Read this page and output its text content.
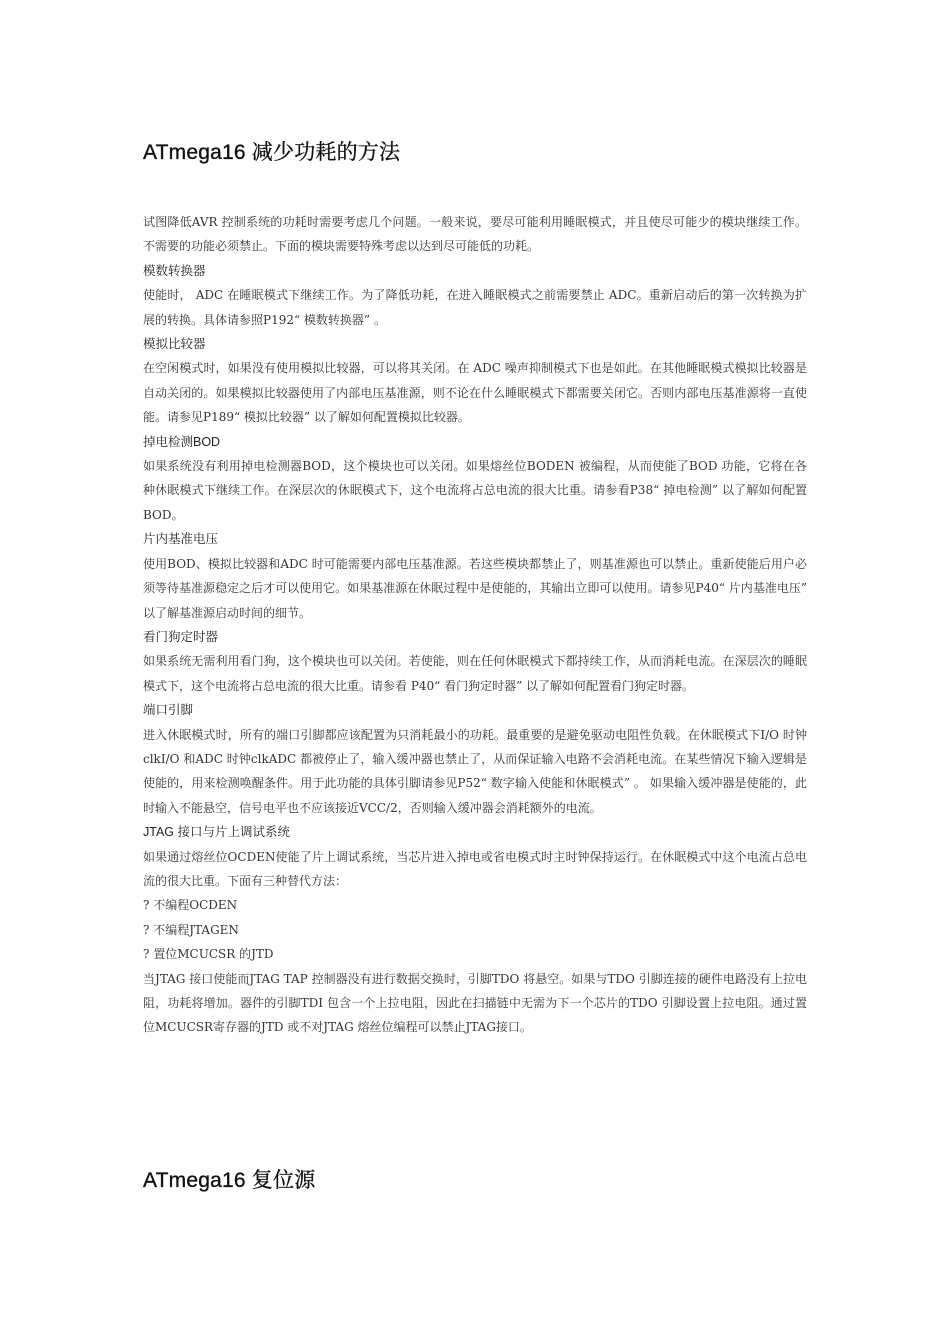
ATmega16 减少功耗的方法

试图降低AVR 控制系统的功耗时需要考虑几个问题。一般来说，要尽可能利用睡眠模式，并且使尽可能少的模块继续工作。不需要的功能必须禁止。下面的模块需要特殊考虑以达到尽可能低的功耗。

模数转换器

使能时， ADC 在睡眠模式下继续工作。为了降低功耗，在进入睡眠模式之前需要禁止 ADC。重新启动后的第一次转换为扩展的转换。具体请参照P192“ 模数转换器” 。

模拟比较器

在空闲模式时，如果没有使用模拟比较器，可以将其关闭。在 ADC 噪声抑制模式下也是如此。在其他睡眠模式模拟比较器是自动关闭的。如果模拟比较器使用了内部电压基准源，则不论在什么睡眠模式下都需要关闭它。否则内部电压基准源将一直使能。请参见P189“ 模拟比较器” 以了解如何配置模拟比较器。

掉电检测BOD

如果系统没有利用掉电检测器BOD，这个模块也可以关闭。如果熔丝位BODEN 被编程，从而使能了BOD 功能，它将在各种休眠模式下继续工作。在深层次的休眠模式下，这个电流将占总电流的很大比重。请参看P38“ 掉电检测” 以了解如何配置BOD。

片内基准电压

使用BOD、模拟比较器和ADC 时可能需要内部电压基准源。若这些模块都禁止了，则基准源也可以禁止。重新使能后用户必须等待基准源稳定之后才可以使用它。如果基准源在休眠过程中是使能的，其输出立即可以使用。请参见P40“ 片内基准电压” 以了解基准源启动时间的细节。

看门狗定时器

如果系统无需利用看门狗，这个模块也可以关闭。若使能，则在任何休眠模式下都持续工作，从而消耗电流。在深层次的睡眠模式下，这个电流将占总电流的很大比重。请参看 P40“ 看门狗定时器” 以了解如何配置看门狗定时器。

端口引脚

进入休眠模式时，所有的端口引脚都应该配置为只消耗最小的功耗。最重要的是避免驱动电阻性负载。在休眠模式下I/O 时钟clkI/O 和ADC 时钟clkADC 都被停止了，输入缓冲器也禁止了，从而保证输入电路不会消耗电流。在某些情况下输入逻辑是使能的，用来检测唤醒条件。用于此功能的具体引脚请参见P52“ 数字输入使能和休眠模式” 。 如果输入缓冲器是使能的，此时输入不能悬空，信号电平也不应该接近VCC/2，否则输入缓冲器会消耗额外的电流。

JTAG 接口与片上调试系统

如果通过熔丝位OCDEN使能了片上调试系统，当芯片进入掉电或省电模式时主时钟保持运行。在休眠模式中这个电流占总电流的很大比重。下面有三种替代方法：

? 不编程OCDEN

? 不编程JTAGEN

? 置位MCUCSR 的JTD

当JTAG 接口使能而JTAG TAP 控制器没有进行数据交换时，引脚TDO 将悬空。如果与TDO 引脚连接的硬件电路没有上拉电阻，功耗将增加。器件的引脚TDI 包含一个上拉电阻，因此在扫描链中无需为下一个芯片的TDO 引脚设置上拉电阻。通过置位MCUCSR寄存器的JTD 或不对JTAG 熔丝位编程可以禁止JTAG接口。

ATmega16 复位源
